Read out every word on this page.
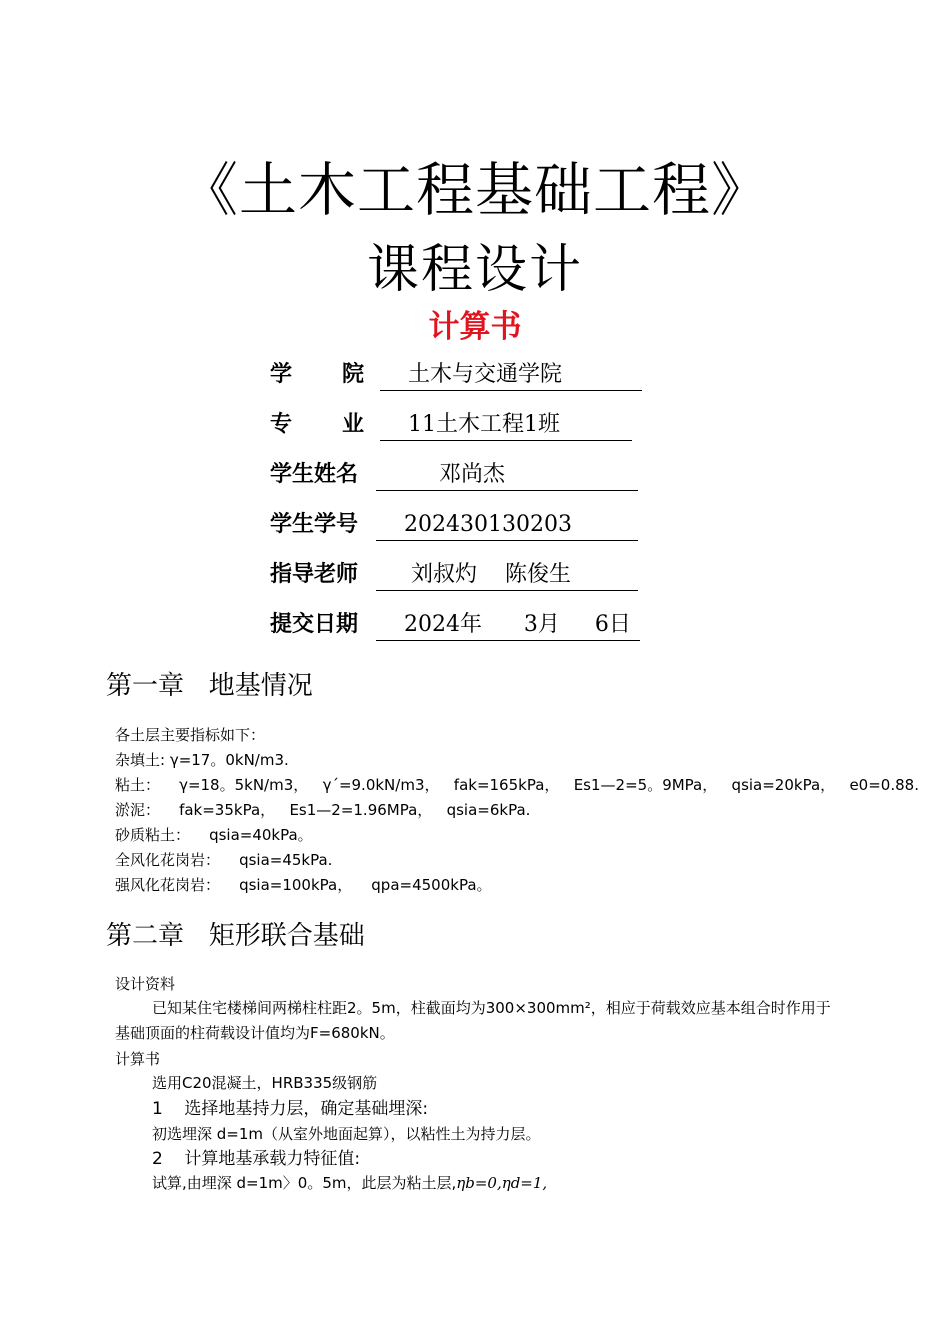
《土木工程基础工程》
课程设计
计算书
学 院 土木与交通学院
专 业 11土木工程1班
学生姓名 邓尚杰
学生学号 202430130203
指导老师 刘叔灼    陈俊生
提交日期 2024年      3月     6日
第一章   地基情况
各土层主要指标如下：
杂填土: γ=17。0kN/m3.
粘土：    γ=18。5kN/m3，   γ´=9.0kN/m3，   fak=165kPa，   Es1—2=5。9MPa，   qsia=20kPa，   e0=0.88.
淤泥：    fak=35kPa，   Es1—2=1.96MPa，   qsia=6kPa.
砂质粘土：    qsia=40kPa。
全风化花岗岩：    qsia=45kPa.
强风化花岗岩：    qsia=100kPa，    qpa=4500kPa。
第二章   矩形联合基础
设计资料
已知某住宅楼梯间两梯柱柱距2。5m，柱截面均为300×300mm²，相应于荷载效应基本组合时作用于基础顶面的柱荷载设计值均为F=680kN。
计算书
选用C20混凝土，HRB335级钢筋
1    选择地基持力层，确定基础埋深:
初选埋深 d=1m（从室外地面起算），以粘性土为持力层。
2    计算地基承载力特征值:
试算,由埋深 d=1m〉0。5m，此层为粘土层,ηb=0,ηd=1,
